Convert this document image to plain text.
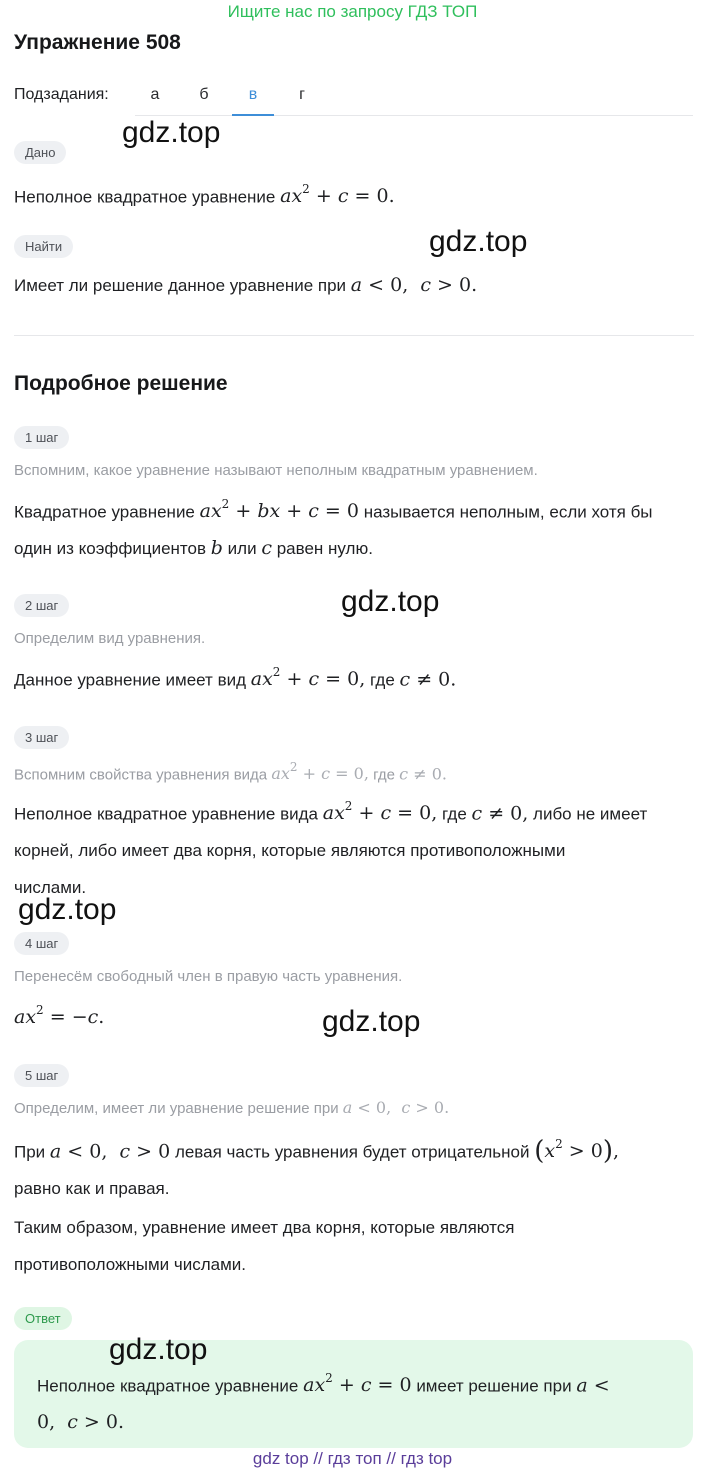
Ищите нас по запросу ГДЗ ТОП
Упражнение 508
Подзадания:	а	б	в	г
gdz.top
Дано
Неполное квадратное уравнение $ax^2 + c = 0$.
gdz.top
Найти
Имеет ли решение данное уравнение при a < 0,  c > 0.
Подробное решение
1 шаг
Вспомним, какое уравнение называют неполным квадратным уравнением.
Квадратное уравнение $ax^2$ + bx + c = 0 называется неполным, если хотя бы
один из коэффициентов b или c равен нулю.
gdz.top
2 шаг
Определим вид уравнения.
Данное уравнение имеет вид $ax^2 + c = 0$, где c ≠ 0.
3 шаг
Вспомним свойства уравнения вида $ax^2 + c = 0$, где c ≠ 0.
Неполное квадратное уравнение вида $ax^2 + c = 0$, где c ≠ 0, либо не имеет
корней, либо имеет два корня, которые являются противоположными
числами.
gdz.top
4 шаг
Перенесём свободный член в правую часть уравнения.
$ax^2 = -c$.	gdz.top
5 шаг
Определим, имеет ли уравнение решение при a < 0,  c > 0.
При a < 0,  c > 0 левая часть уравнения будет отрицательной $(x^2 > 0)$,
равно как и правая.
Таким образом, уравнение имеет два корня, которые являются
противоположными числами.
Ответ
gdz.top
Неполное квадратное уравнение $ax^2 + c = 0$ имеет решение при a <
0,  c > 0.
gdz top // гдз топ // гдз top
